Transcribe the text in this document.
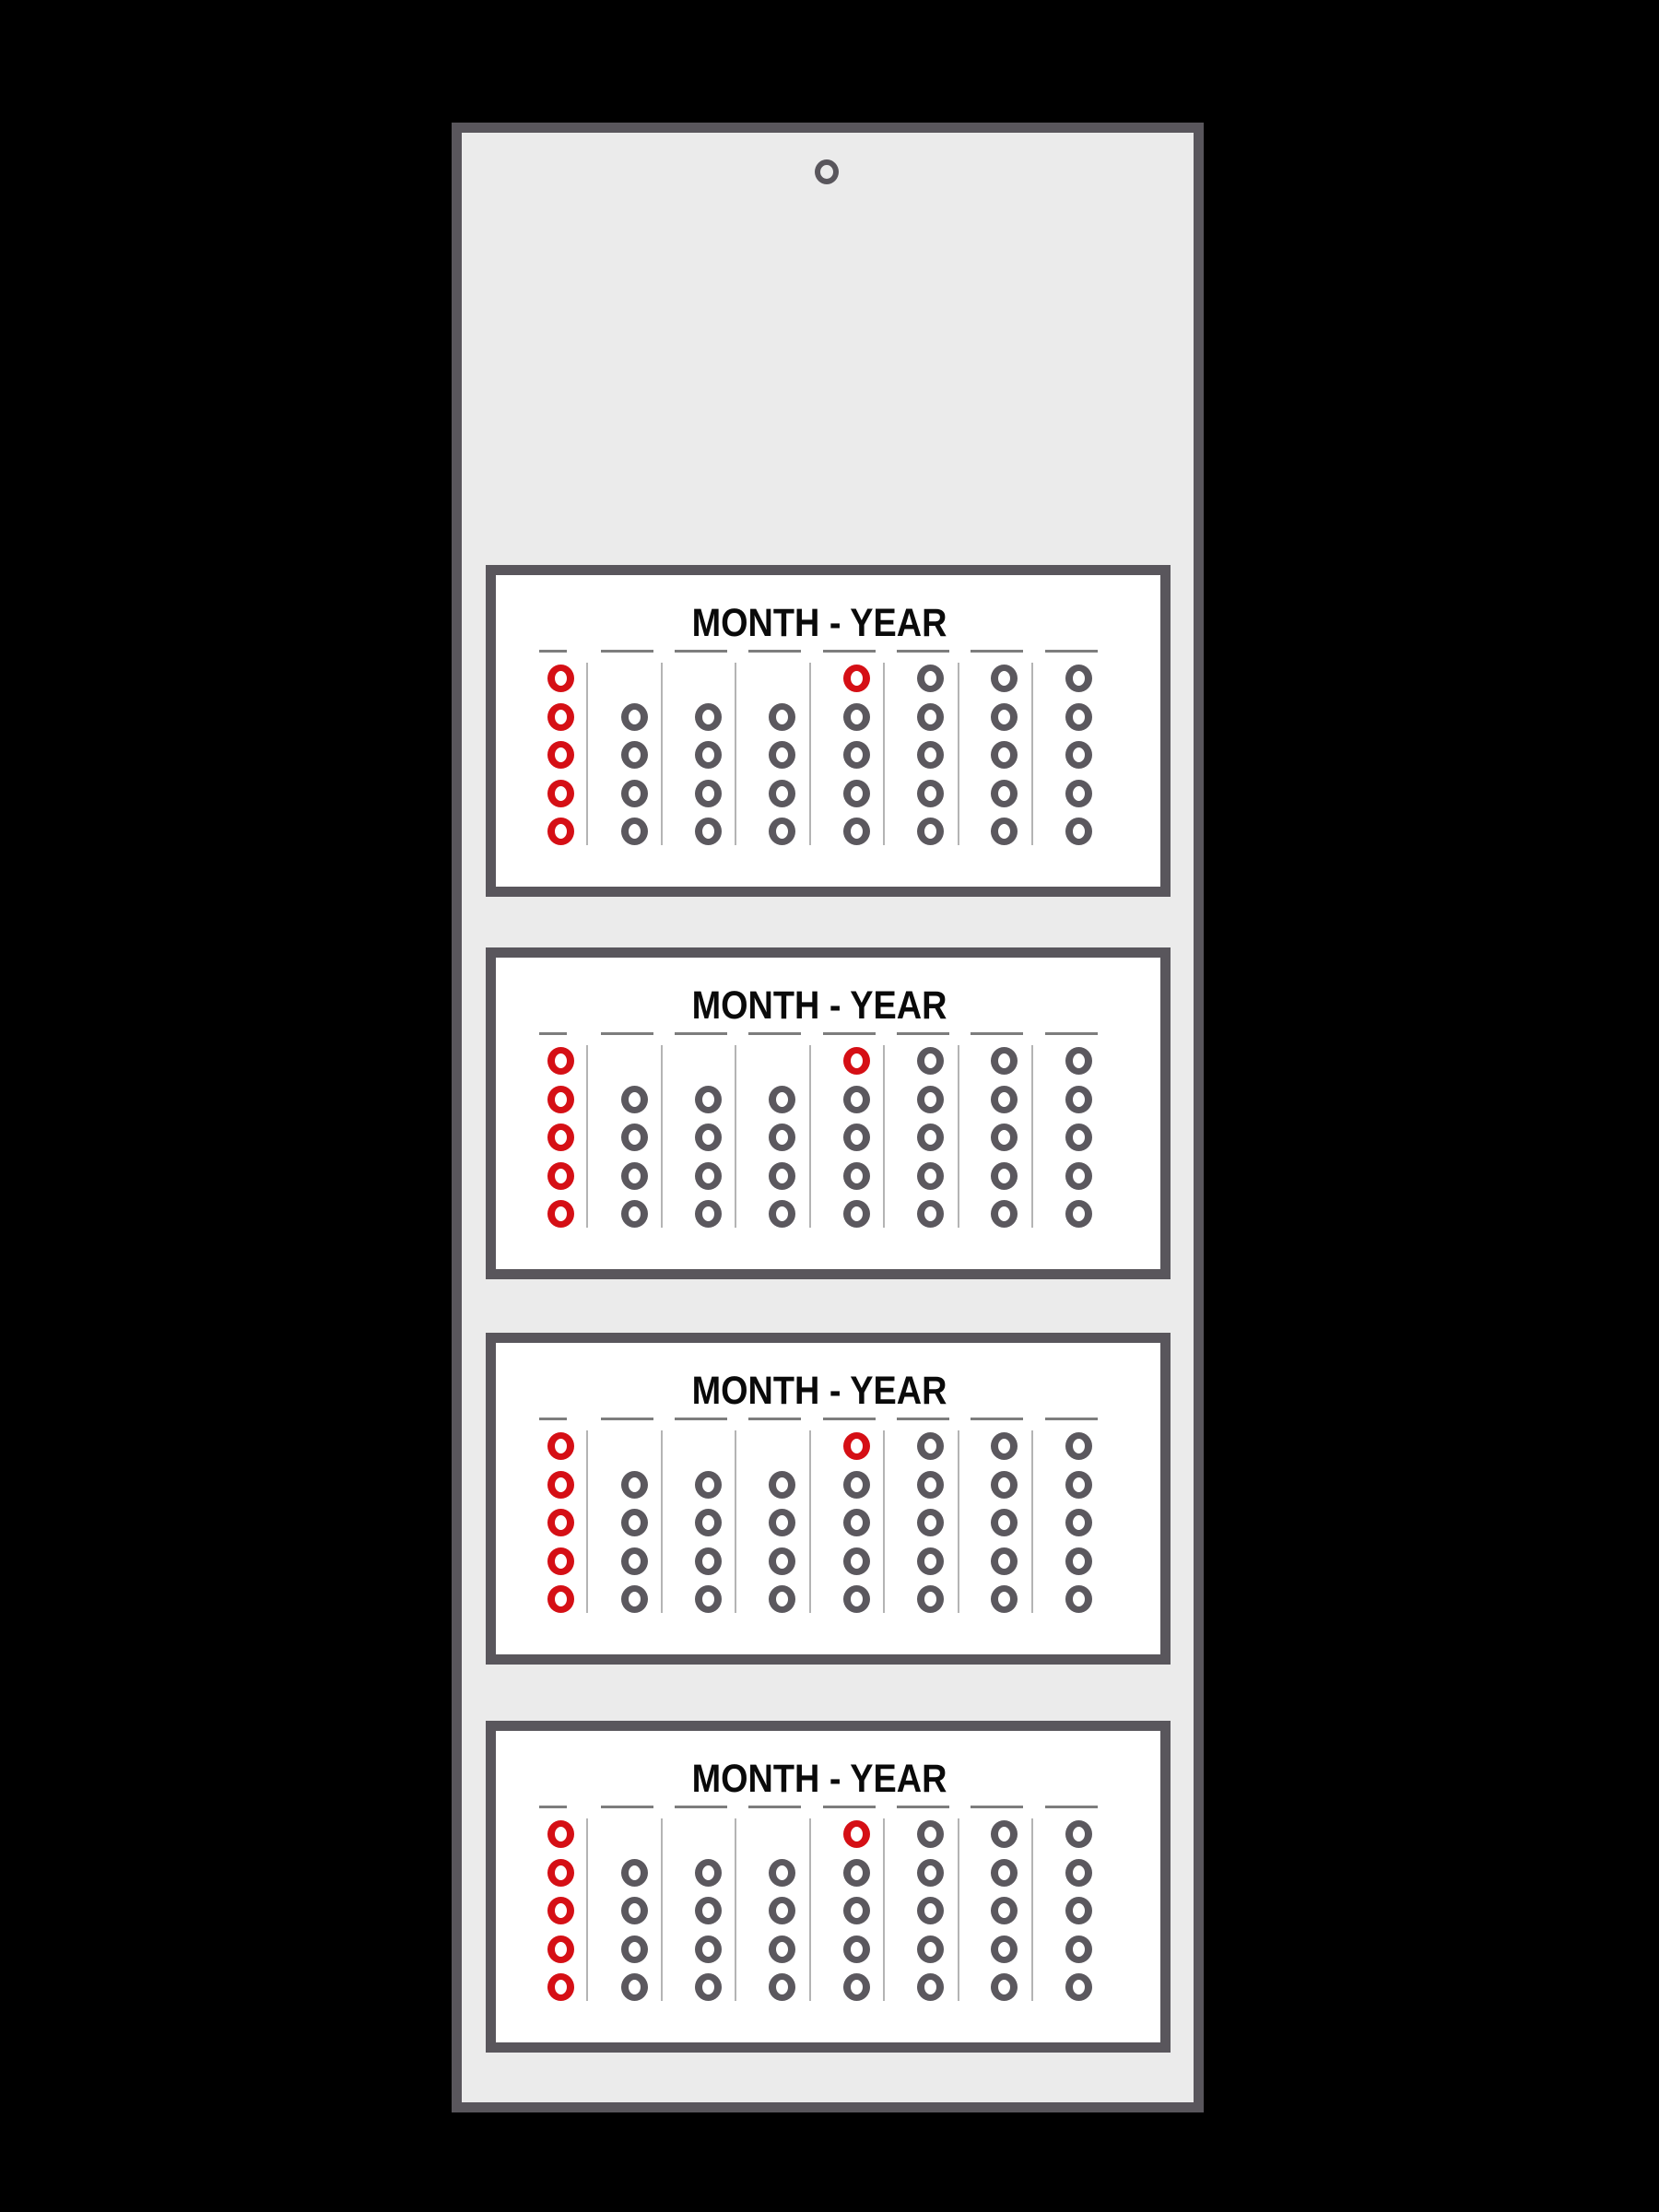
MONTH - YEAR
MONTH - YEAR
MONTH - YEAR
MONTH - YEAR
